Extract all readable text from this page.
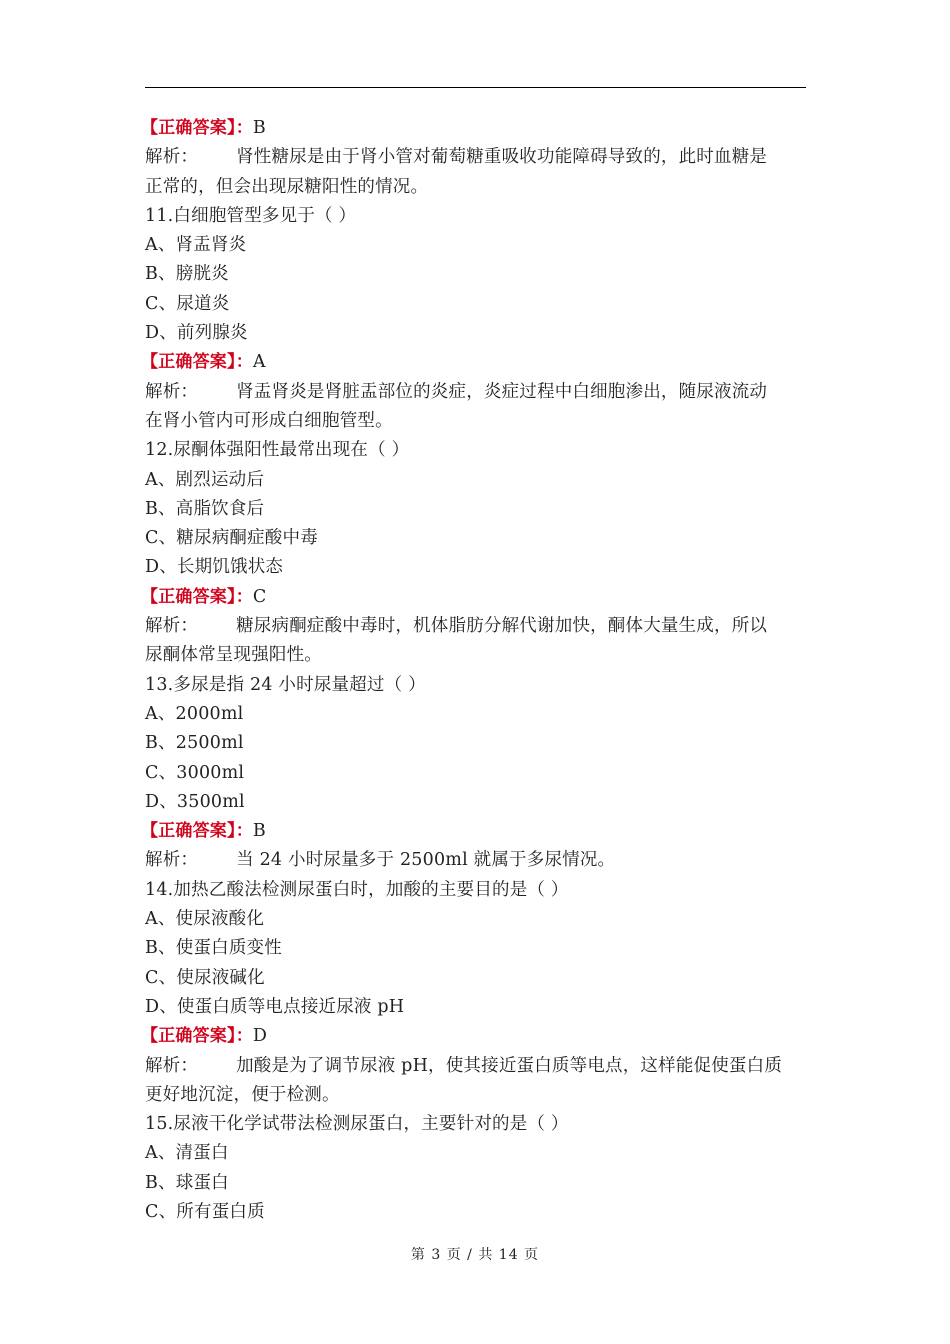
【正确答案】：B
解析： 肾性糖尿是由于肾小管对葡萄糖重吸收功能障碍导致的，此时血糖是
正常的，但会出现尿糖阳性的情况。
11.白细胞管型多见于（ ）
A、肾盂肾炎
B、膀胱炎
C、尿道炎
D、前列腺炎
【正确答案】：A
解析： 肾盂肾炎是肾脏盂部位的炎症，炎症过程中白细胞渗出，随尿液流动
在肾小管内可形成白细胞管型。
12.尿酮体强阳性最常出现在（ ）
A、剧烈运动后
B、高脂饮食后
C、糖尿病酮症酸中毒
D、长期饥饿状态
【正确答案】：C
解析： 糖尿病酮症酸中毒时，机体脂肪分解代谢加快，酮体大量生成，所以
尿酮体常呈现强阳性。
13.多尿是指 24 小时尿量超过（ ）
A、2000ml
B、2500ml
C、3000ml
D、3500ml
【正确答案】：B
解析： 当 24 小时尿量多于 2500ml 就属于多尿情况。
14.加热乙酸法检测尿蛋白时，加酸的主要目的是（ ）
A、使尿液酸化
B、使蛋白质变性
C、使尿液碱化
D、使蛋白质等电点接近尿液 pH
【正确答案】：D
解析： 加酸是为了调节尿液 pH，使其接近蛋白质等电点，这样能促使蛋白质
更好地沉淀，便于检测。
15.尿液干化学试带法检测尿蛋白，主要针对的是（ ）
A、清蛋白
B、球蛋白
C、所有蛋白质
第 3 页 / 共 14 页
